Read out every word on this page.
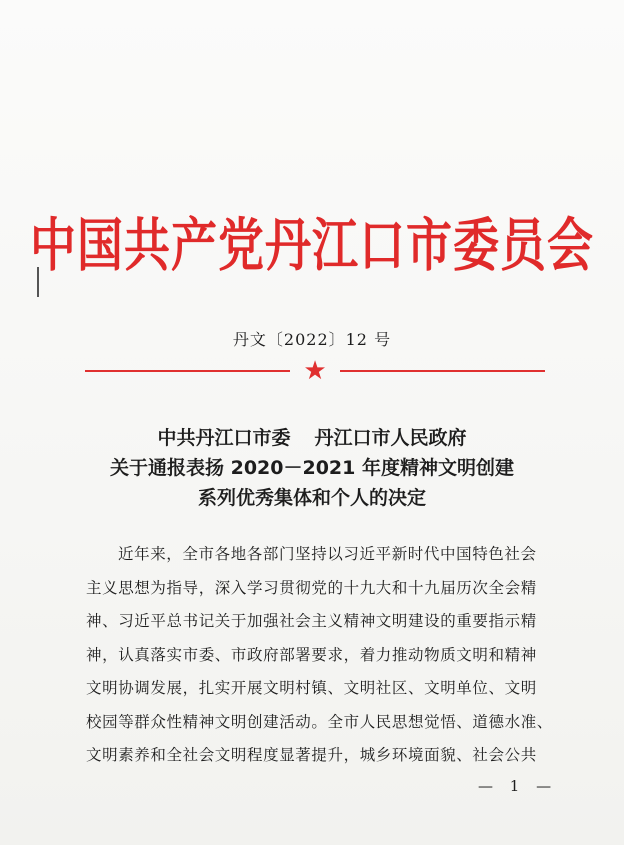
中国共产党丹江口市委员会
丹文〔2022〕12 号
★
中共丹江口市委 丹江口市人民政府
关于通报表扬 2020－2021 年度精神文明创建
系列优秀集体和个人的决定
近年来，全市各地各部门坚持以习近平新时代中国特色社会
主义思想为指导，深入学习贯彻党的十九大和十九届历次全会精
神、习近平总书记关于加强社会主义精神文明建设的重要指示精
神，认真落实市委、市政府部署要求，着力推动物质文明和精神
文明协调发展，扎实开展文明村镇、文明社区、文明单位、文明
校园等群众性精神文明创建活动。全市人民思想觉悟、道德水准、
文明素养和全社会文明程度显著提升，城乡环境面貌、社会公共
— 1 —
